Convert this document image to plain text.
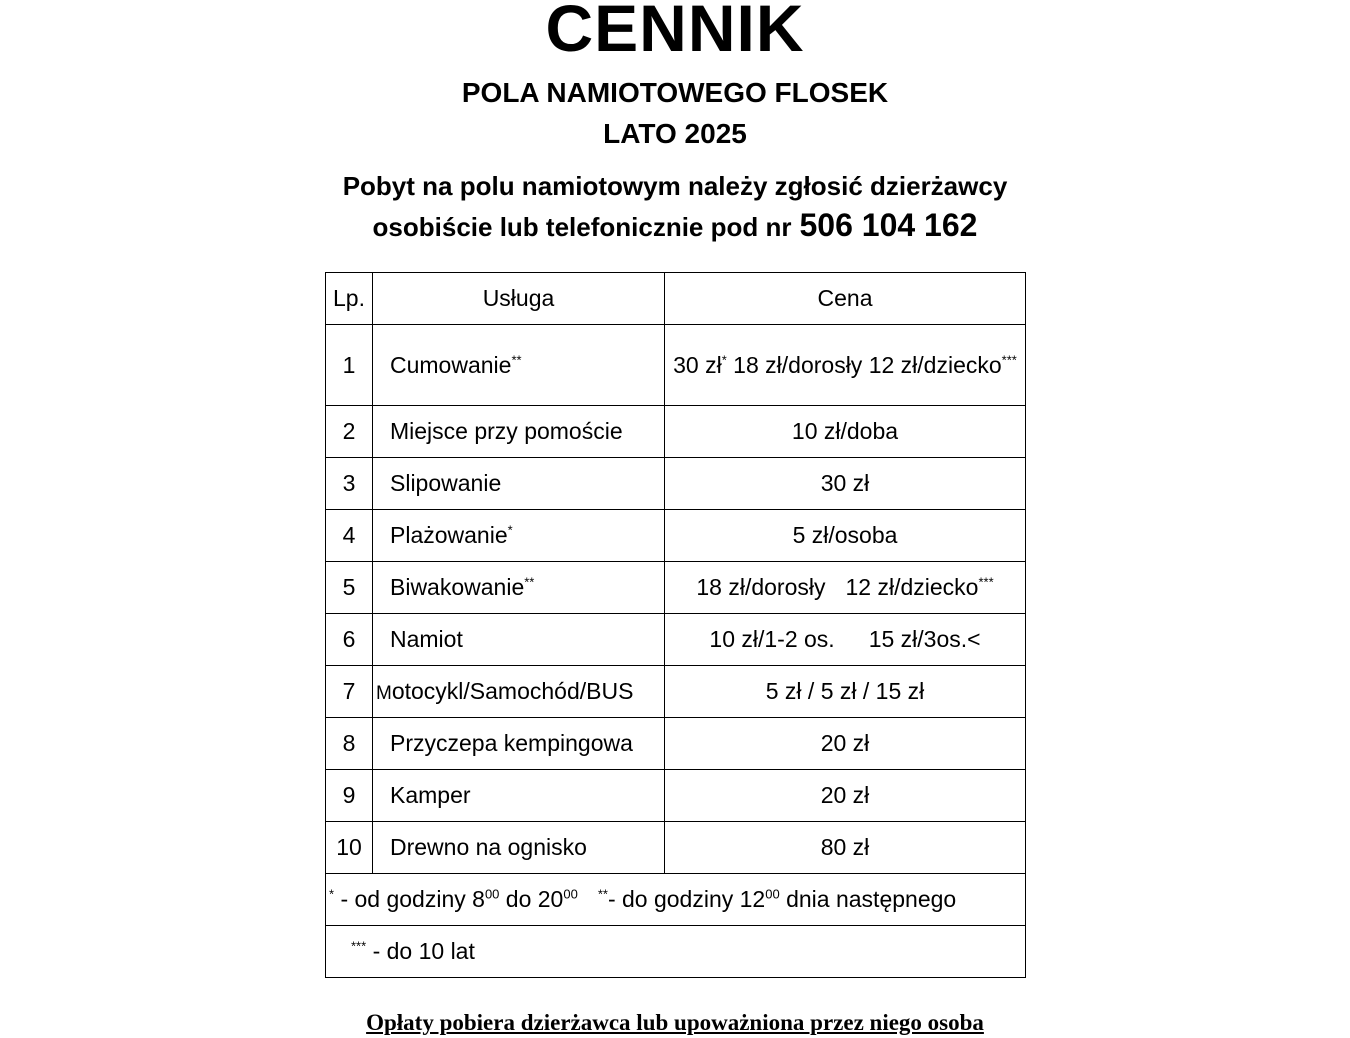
CENNIK
POLA NAMIOTOWEGO FLOSEK
LATO 2025
Pobyt na polu namiotowym należy zgłosić dzierżawcy
osobiście lub telefonicznie pod nr 506 104 162
Lp.	Usługa	Cena
1	Cumowanie**	30 zł* 18 zł/dorosły 12 zł/dziecko***
2	Miejsce przy pomoście	10 zł/doba
3	Slipowanie	30 zł
4	Plażowanie*	5 zł/osoba
5	Biwakowanie**	18 zł/dorosły 12 zł/dziecko***
6	Namiot	10 zł/1-2 os. 15 zł/3os.<
7	Motocykl/Samochód/BUS	5 zł / 5 zł / 15 zł
8	Przyczepa kempingowa	20 zł
9	Kamper	20 zł
10	Drewno na ognisko	80 zł
* - od godziny $8^{00}$ do $20^{00}$ **- do godziny $12^{00}$ dnia następnego		
*** - do 10 lat		
Opłaty pobiera dzierżawca lub upoważniona przez niego osoba
